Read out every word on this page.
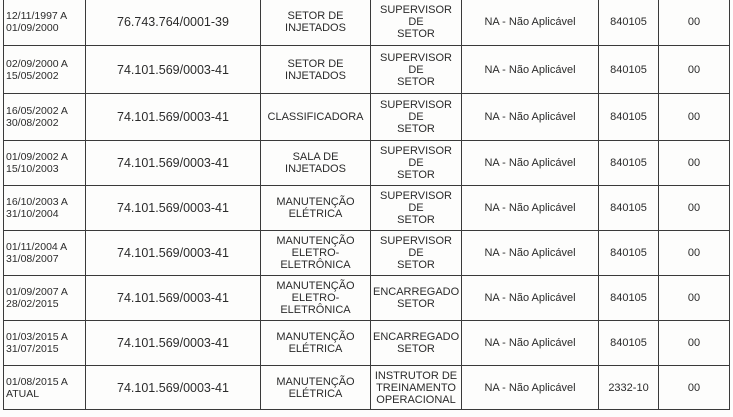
12/11/1997 A
01/09/2000	76.743.764/0001-39	SETOR DE
INJETADOS	SUPERVISOR DE
SETOR	NA - Não Aplicável	840105	00

02/09/2000 A
15/05/2002	74.101.569/0003-41	SETOR DE
INJETADOS	SUPERVISOR DE
SETOR	NA - Não Aplicável	840105	00

16/05/2002 A
30/08/2002	74.101.569/0003-41	CLASSIFICADORA	SUPERVISOR DE
SETOR	NA - Não Aplicável	840105	00

01/09/2002 A
15/10/2003	74.101.569/0003-41	SALA DE
INJETADOS	SUPERVISOR DE
SETOR	NA - Não Aplicável	840105	00

16/10/2003 A
31/10/2004	74.101.569/0003-41	MANUTENÇÃO
ELÉTRICA	SUPERVISOR DE
SETOR	NA - Não Aplicável	840105	00

01/11/2004 A
31/08/2007	74.101.569/0003-41	MANUTENÇÃO
ELETRO-
ELETRÔNICA	SUPERVISOR DE
SETOR	NA - Não Aplicável	840105	00

01/09/2007 A
28/02/2015	74.101.569/0003-41	MANUTENÇÃO
ELETRO-
ELETRÔNICA	ENCARREGADO
SETOR	NA - Não Aplicável	840105	00

01/03/2015 A
31/07/2015	74.101.569/0003-41	MANUTENÇÃO
ELÉTRICA	ENCARREGADO
SETOR	NA - Não Aplicável	840105	00

01/08/2015 A
ATUAL	74.101.569/0003-41	MANUTENÇÃO
ELÉTRICA	INSTRUTOR DE
TREINAMENTO
OPERACIONAL	NA - Não Aplicável	2332-10	00
